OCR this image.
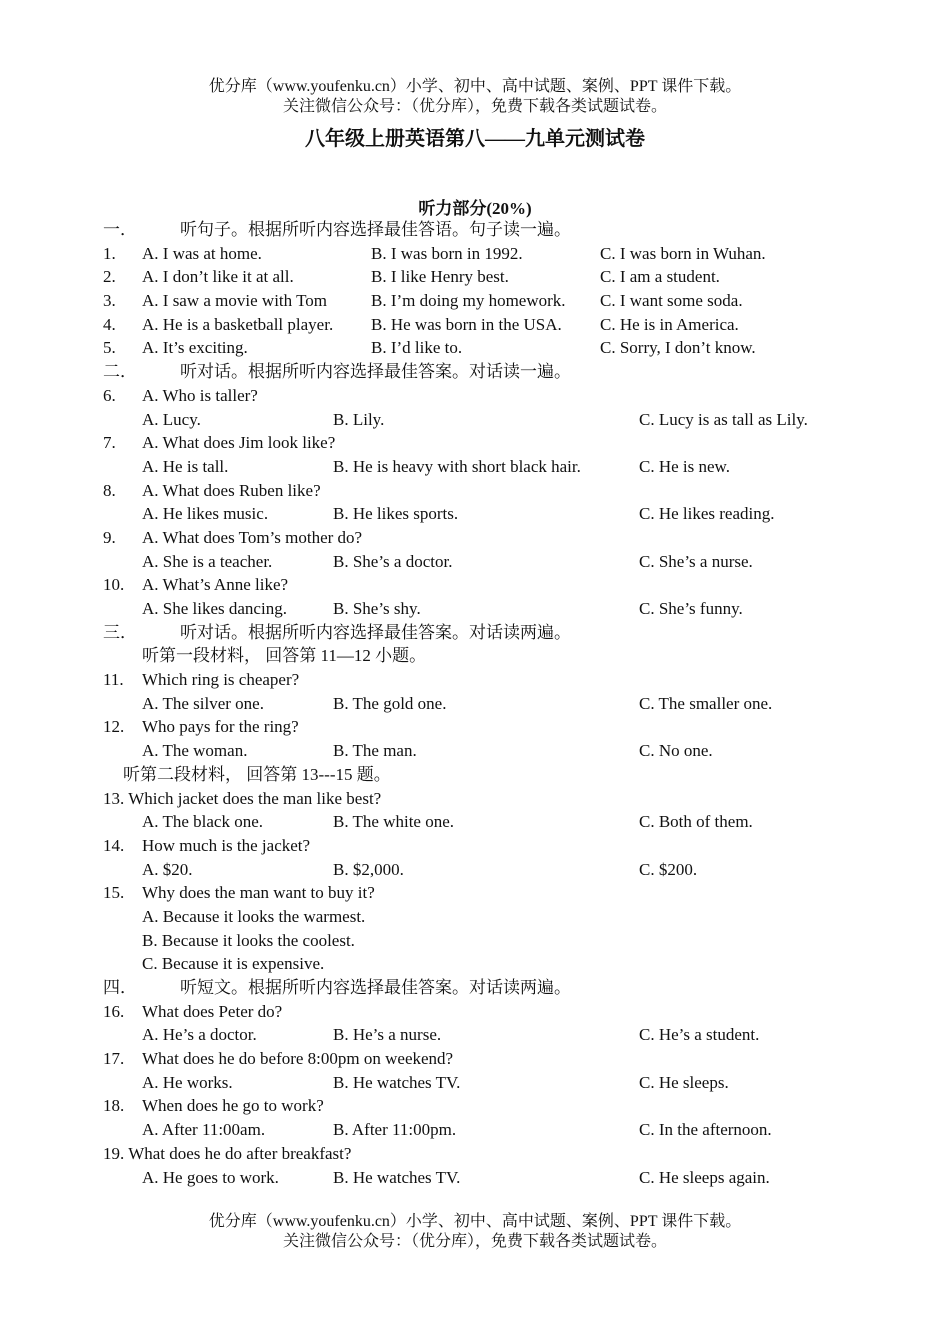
优分库（www.youfenku.cn）小学、初中、高中试题、案例、PPT 课件下载。
关注微信公众号：（优分库），免费下载各类试题试卷。
八年级上册英语第八——九单元测试卷
听力部分(20%)
一．	听句子。根据所听内容选择最佳答语。句子读一遍。
1. A. I was at home.	B. I was born in 1992.	C. I was born in Wuhan.
2. A. I don’t like it at all.	B. I like Henry best.	C. I am a student.
3. A. I saw a movie with Tom	B. I’m doing my homework. C. I want some soda.
4. A. He is a basketball player. B. He was born in the USA. C. He is in America.
5. A. It’s exciting.	B. I’d like to.	C. Sorry, I don’t know.
二．	听对话。根据所听内容选择最佳答案。对话读一遍。
6. A. Who is taller?
A. Lucy.	B. Lily.	C. Lucy is as tall as Lily.
7. A. What does Jim look like?
A. He is tall.	B. He is heavy with short black hair.	C. He is new.
8. A. What does Ruben like?
A. He likes music.	B. He likes sports.	C. He likes reading.
9. A. What does Tom’s mother do?
A. She is a teacher.	B. She’s a doctor.	C. She’s a nurse.
10. A. What’s Anne like?
A. She likes dancing.	B. She’s shy.	C. She’s funny.
三．	听对话。根据所听内容选择最佳答案。对话读两遍。
听第一段材料， 回答第 11—12 小题。
11. Which ring is cheaper?
A. The silver one.	B. The gold one.	C. The smaller one.
12. Who pays for the ring?
A. The woman.	B. The man.	C. No one.
听第二段材料， 回答第 13---15 题。
13. Which jacket does the man like best?
A. The black one.	B. The white one.	C. Both of them.
14. How much is the jacket?
A. $20.	B. $2,000.	C. $200.
15. Why does the man want to buy it?
A. Because it looks the warmest.
B. Because it looks the coolest.
C. Because it is expensive.
四．	听短文。根据所听内容选择最佳答案。对话读两遍。
16. What does Peter do?
A. He’s a doctor.	B. He’s a nurse.	C. He’s a student.
17. What does he do before 8:00pm on weekend?
A. He works.	B. He watches TV.	C. He sleeps.
18. When does he go to work?
A. After 11:00am.	B. After 11:00pm.	C. In the afternoon.
19. What does he do after breakfast?
A. He goes to work.	B. He watches TV.	C. He sleeps again.
优分库（www.youfenku.cn）小学、初中、高中试题、案例、PPT 课件下载。
关注微信公众号：（优分库），免费下载各类试题试卷。
